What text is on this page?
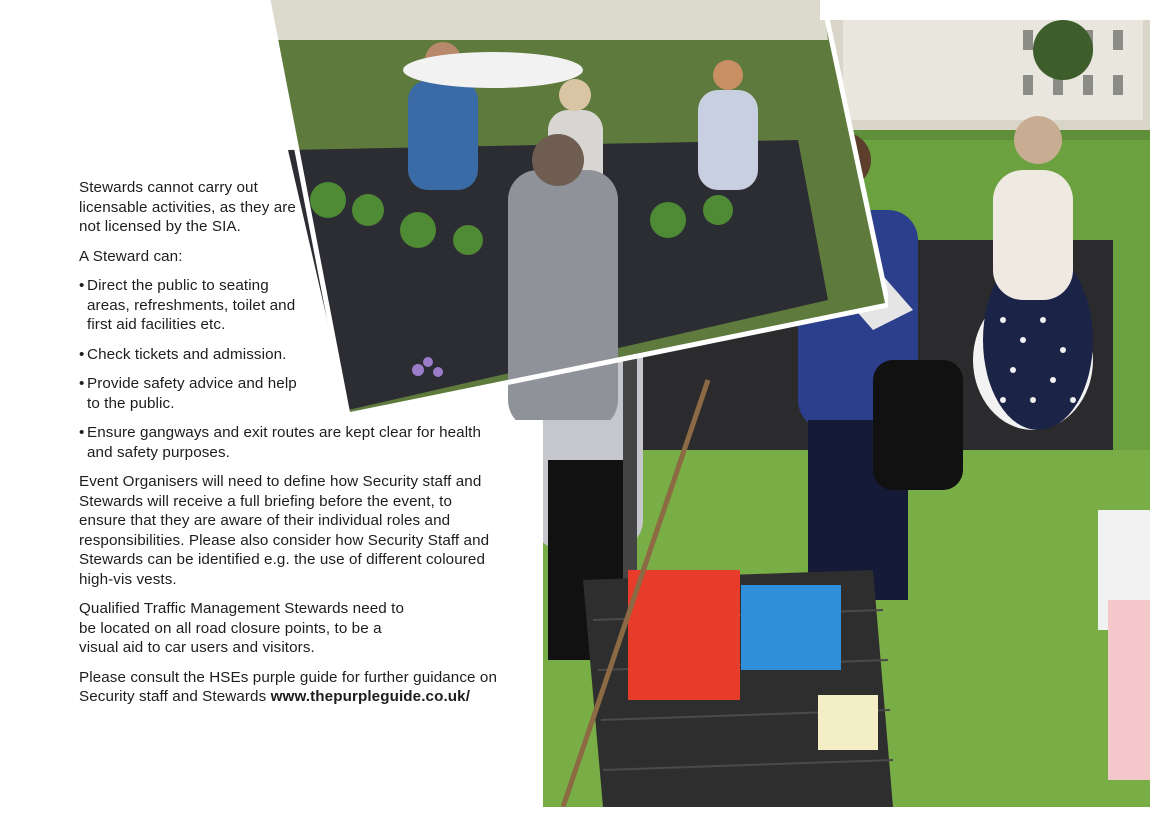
Stewards cannot carry out licensable activities, as they are not licensed by the SIA.

A Steward can:

• Direct the public to seating areas, refreshments, toilet and first aid facilities etc.
• Check tickets and admission.
• Provide safety advice and help to the public.
• Ensure gangways and exit routes are kept clear for health and safety purposes.

Event Organisers will need to define how Security staff and Stewards will receive a full briefing before the event, to ensure that they are aware of their individual roles and responsibilities. Please also consider how Security Staff and Stewards can be identified e.g. the use of different coloured high-vis vests.

Qualified Traffic Management Stewards need to be located on all road closure points, to be a visual aid to car users and visitors.

Please consult the HSEs purple guide for further guidance on Security staff and Stewards www.thepurpleguide.co.uk/
